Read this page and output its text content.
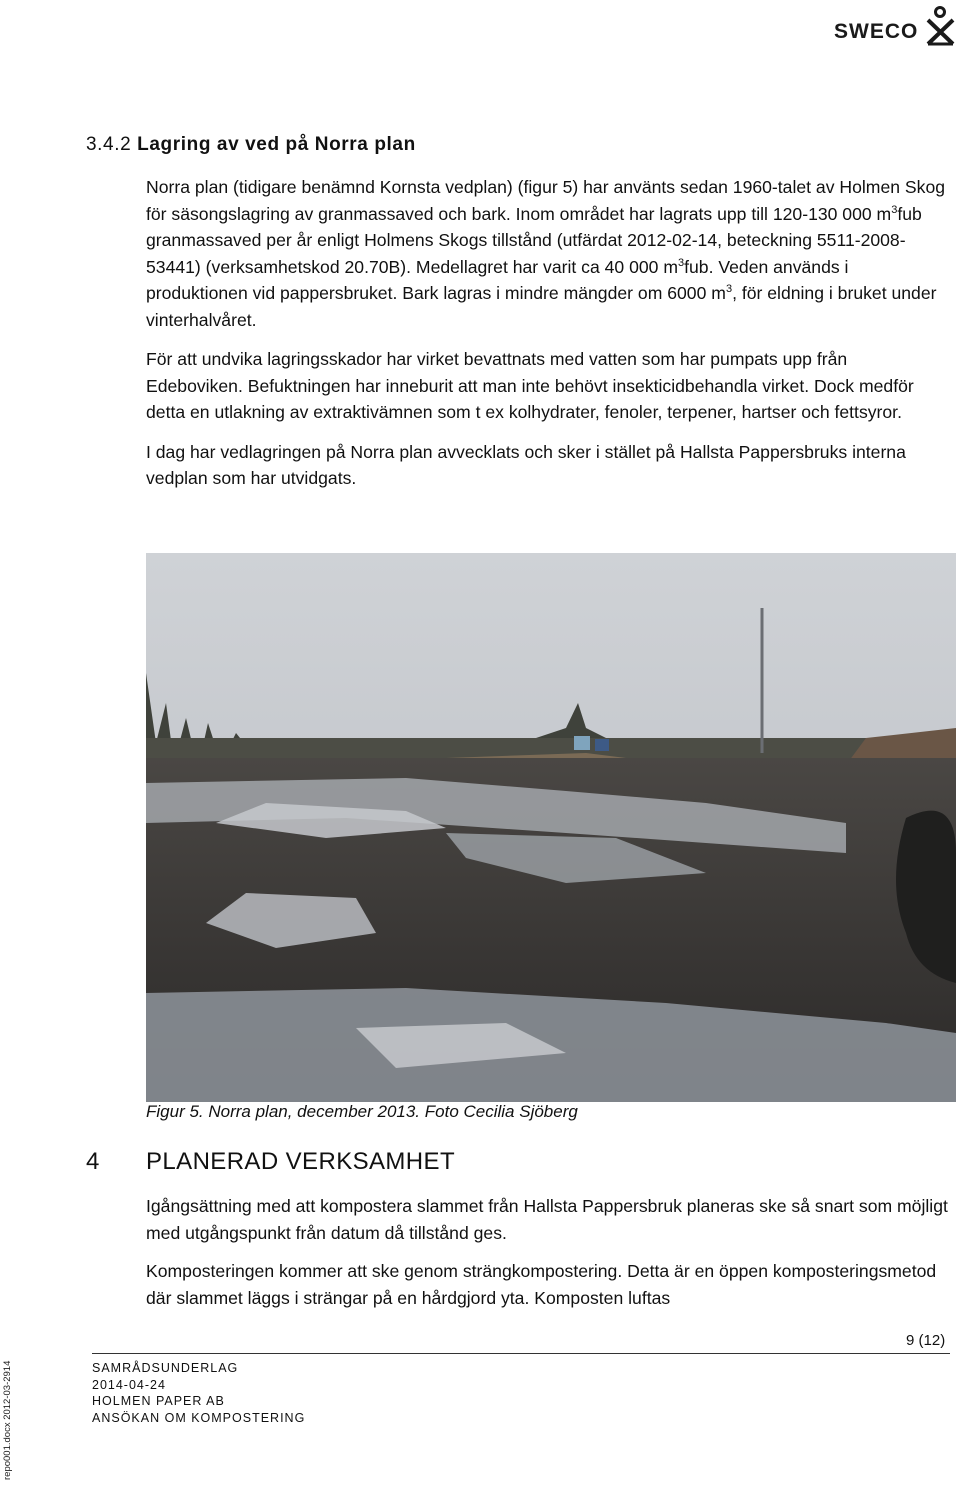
SWECO
3.4.2 Lagring av ved på Norra plan

Norra plan (tidigare benämnd Kornsta vedplan) (figur 5) har använts sedan 1960-talet av Holmen Skog för säsongslagring av granmassaved och bark. Inom området har lagrats upp till 120-130 000 $m^3fub$ granmassaved per år enligt Holmens Skogs tillstånd (utfärdat 2012-02-14, beteckning 5511-2008-53441) (verksamhetskod 20.70B). Medellagret har varit ca 40 000 $m^3fub$. Veden används i produktionen vid pappersbruket. Bark lagras i mindre mängder om 6000 $m^3$, för eldning i bruket under vinterhalvåret.

För att undvika lagringsskador har virket bevattnats med vatten som har pumpats upp från Edeboviken. Befuktningen har inneburit att man inte behövt insekticidbehandla virket. Dock medför detta en utlakning av extraktivämnen som t ex kolhydrater, fenoler, terpener, hartser och fettsyror.

I dag har vedlagringen på Norra plan avvecklats och sker i stället på Hallsta Pappersbruks interna vedplan som har utvidgats.

Figur 5. Norra plan, december 2013. Foto Cecilia Sjöberg
4 PLANERAD VERKSAMHET

Igångsättning med att kompostera slammet från Hallsta Pappersbruk planeras ske så snart som möjligt med utgångspunkt från datum då tillstånd ges.

Komposteringen kommer att ske genom strängkompostering. Detta är en öppen komposteringsmetod där slammet läggs i strängar på en hårdgjord yta. Komposten luftas

9 (12)
SAMRÅDSUNDERLAG
2014-04-24
HOLMEN PAPER AB
ANSÖKAN OM KOMPOSTERING
repo001.docx 2012-03-2914
